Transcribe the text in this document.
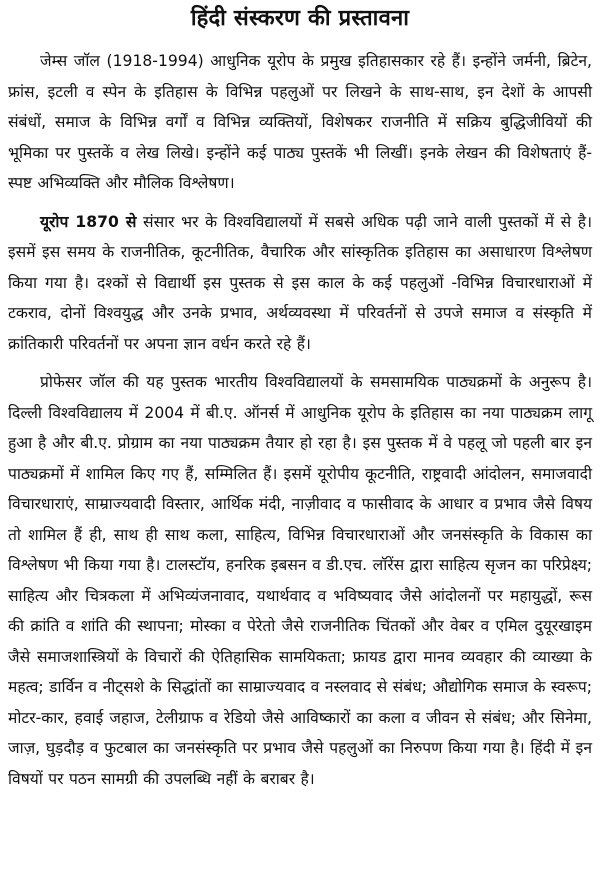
हिंदी संस्करण की प्रस्तावना

जेम्स जॉल (1918-1994) आधुनिक यूरोप के प्रमुख इतिहासकार रहे हैं। इन्होंने जर्मनी, ब्रिटेन, फ्रांस, इटली व स्पेन के इतिहास के विभिन्न पहलुओं पर लिखने के साथ-साथ, इन देशों के आपसी संबंधों, समाज के विभिन्न वर्गों व विभिन्न व्यक्तियों, विशेषकर राजनीति में सक्रिय बुद्धिजीवियों की भूमिका पर पुस्तकें व लेख लिखे। इन्होंने कई पाठ्य पुस्तकें भी लिखीं। इनके लेखन की विशेषताएं हैं- स्पष्ट अभिव्यक्ति और मौलिक विश्लेषण।

यूरोप 1870 से संसार भर के विश्वविद्यालयों में सबसे अधिक पढ़ी जाने वाली पुस्तकों में से है। इसमें इस समय के राजनीतिक, कूटनीतिक, वैचारिक और सांस्कृतिक इतिहास का असाधारण विश्लेषण किया गया है। दश्कों से विद्यार्थी इस पुस्तक से इस काल के कई पहलुओं -विभिन्न विचारधाराओं में टकराव, दोनों विश्वयुद्ध और उनके प्रभाव, अर्थव्यवस्था में परिवर्तनों से उपजे समाज व संस्कृति में क्रांतिकारी परिवर्तनों पर अपना ज्ञान वर्धन करते रहे हैं।

प्रोफेसर जॉल की यह पुस्तक भारतीय विश्वविद्यालयों के समसामयिक पाठ्यक्रमों के अनुरूप है। दिल्ली विश्वविद्यालय में 2004 में बी.ए. ऑनर्स में आधुनिक यूरोप के इतिहास का नया पाठ्यक्रम लागू हुआ है और बी.ए. प्रोग्राम का नया पाठ्यक्रम तैयार हो रहा है। इस पुस्तक में वे पहलू जो पहली बार इन पाठ्यक्रमों में शामिल किए गए हैं, सम्मिलित हैं। इसमें यूरोपीय कूटनीति, राष्ट्रवादी आंदोलन, समाजवादी विचारधाराएं, साम्राज्यवादी विस्तार, आर्थिक मंदी, नाज़ीवाद व फासीवाद के आधार व प्रभाव जैसे विषय तो शामिल हैं ही, साथ ही साथ कला, साहित्य, विभिन्न विचारधाराओं और जनसंस्कृति के विकास का विश्लेषण भी किया गया है। टालस्टॉय, हनरिक इबसन व डी.एच. लॉरेंस द्वारा साहित्य सृजन का परिप्रेक्ष्य; साहित्य और चित्रकला में अभिव्यंजनावाद, यथार्थवाद व भविष्यवाद जैसे आंदोलनों पर महायुद्धों, रूस की क्रांति व शांति की स्थापना; मोस्का व पेरेतो जैसे राजनीतिक चिंतकों और वेबर व एमिल दुयूरखाइम जैसे समाजशास्त्रियों के विचारों की ऐतिहासिक सामयिकता; फ्रायड द्वारा मानव व्यवहार की व्याख्या के महत्व; डार्विन व नीट्सशे के सिद्धांतों का साम्राज्यवाद व नस्लवाद से संबंध; औद्योगिक समाज के स्वरूप; मोटर-कार, हवाई जहाज, टेलीग्राफ व रेडियो जैसे आविष्कारों का कला व जीवन से संबंध; और सिनेमा, जाज़, घुड़दौड़ व फुटबाल का जनसंस्कृति पर प्रभाव जैसे पहलुओं का निरुपण किया गया है। हिंदी में इन विषयों पर पठन सामग्री की उपलब्धि नहीं के बराबर है।
